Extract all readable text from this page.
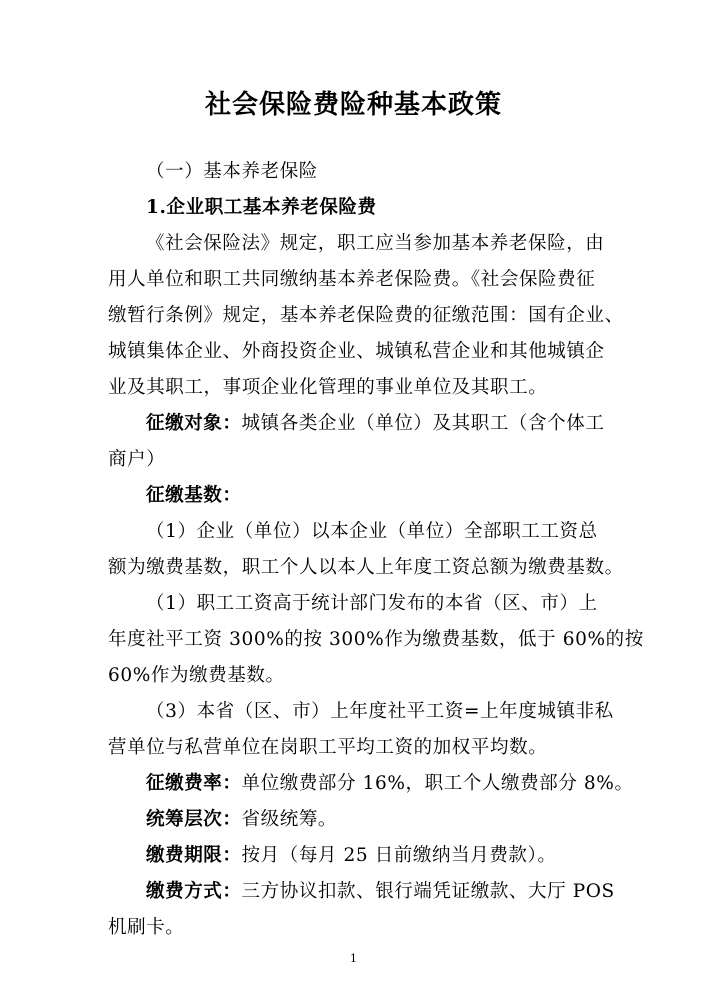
社会保险费险种基本政策
（一）基本养老保险
1.企业职工基本养老保险费
《社会保险法》规定，职工应当参加基本养老保险，由
用人单位和职工共同缴纳基本养老保险费。《社会保险费征
缴暂行条例》规定，基本养老保险费的征缴范围：国有企业、
城镇集体企业、外商投资企业、城镇私营企业和其他城镇企
业及其职工，事项企业化管理的事业单位及其职工。
征缴对象：城镇各类企业（单位）及其职工（含个体工
商户）
征缴基数：
（1）企业（单位）以本企业（单位）全部职工工资总
额为缴费基数，职工个人以本人上年度工资总额为缴费基数。
（1）职工工资高于统计部门发布的本省（区、市）上
年度社平工资 300%的按 300%作为缴费基数，低于 60%的按
60%作为缴费基数。
（3）本省（区、市）上年度社平工资=上年度城镇非私
营单位与私营单位在岗职工平均工资的加权平均数。
征缴费率：单位缴费部分 16%，职工个人缴费部分 8%。
统筹层次：省级统筹。
缴费期限：按月（每月 25 日前缴纳当月费款）。
缴费方式：三方协议扣款、银行端凭证缴款、大厅 POS
机刷卡。
1
